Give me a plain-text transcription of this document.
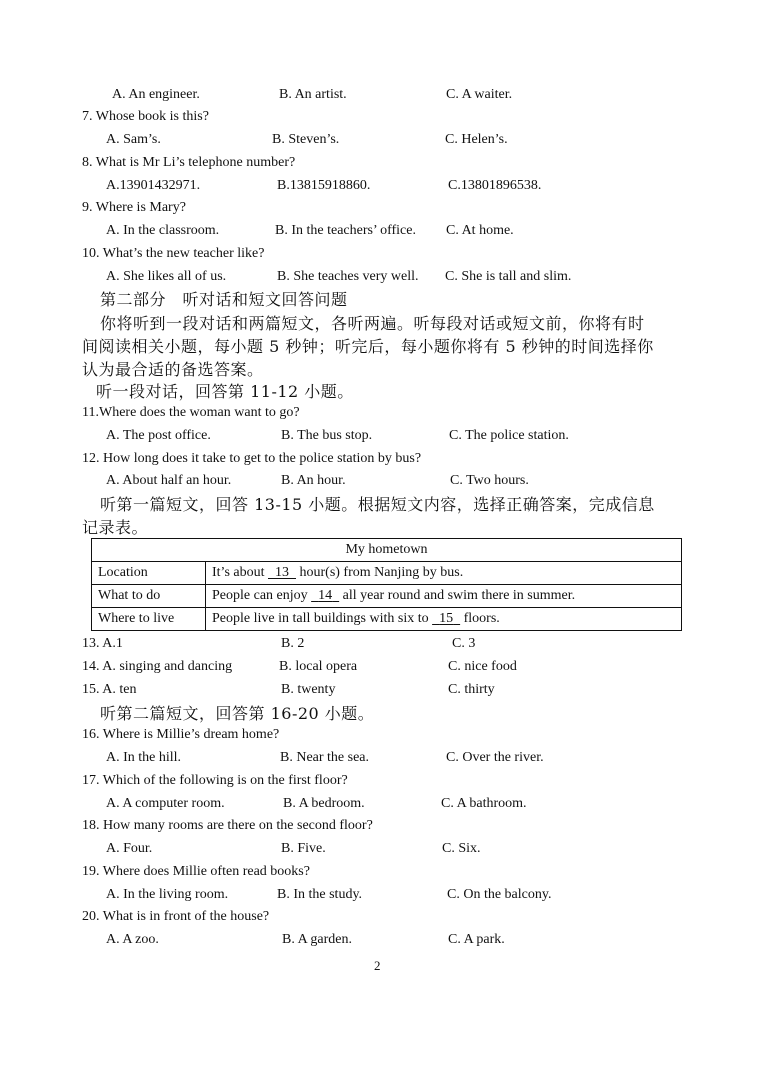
A. An engineer.	B. An artist.	C. A waiter.
7. Whose book is this?
A. Sam’s.	B. Steven’s.	C. Helen’s.
8. What is Mr Li’s telephone number?
A.13901432971.	B.13815918860.	C.13801896538.
9. Where is Mary?
A. In the classroom.	B. In the teachers’ office. C. At home.
10. What’s the new teacher like?
A. She likes all of us.	B. She teaches very well. C. She is tall and slim.
第二部分　听对话和短文回答问题
你将听到一段对话和两篇短文，各听两遍。听每段对话或短文前，你将有时
间阅读相关小题，每小题 5 秒钟；听完后，每小题你将有 5 秒钟的时间选择你
认为最合适的备选答案。
听一段对话，回答第 11-12 小题。
11.Where does the woman want to go?
A. The post office.	B. The bus stop.	C. The police station.
12. How long does it take to get to the police station by bus?
A. About half an hour.	B. An hour.	C. Two hours.
听第一篇短文，回答 13-15 小题。根据短文内容，选择正确答案，完成信息
记录表。
My hometown	
Location	It’s about   13   hour(s) from Nanjing by bus.
What to do	People can enjoy   14   all year round and swim there in summer.
Where to live	People live in tall buildings with six to   15   floors.
13. A.1	B. 2	C. 3
14. A. singing and dancing	B. local opera	C. nice food
15. A. ten	B. twenty	C. thirty
听第二篇短文，回答第 16-20 小题。
16. Where is Millie’s dream home?
A. In the hill.	B. Near the sea.	C. Over the river.
17. Which of the following is on the first floor?
A. A computer room.	B. A bedroom.	C. A bathroom.
18. How many rooms are there on the second floor?
A. Four.	B. Five.	C. Six.
19. Where does Millie often read books?
A. In the living room.	B. In the study.	C. On the balcony.
20. What is in front of the house?
A. A zoo.	B. A garden.	C. A park.
2
